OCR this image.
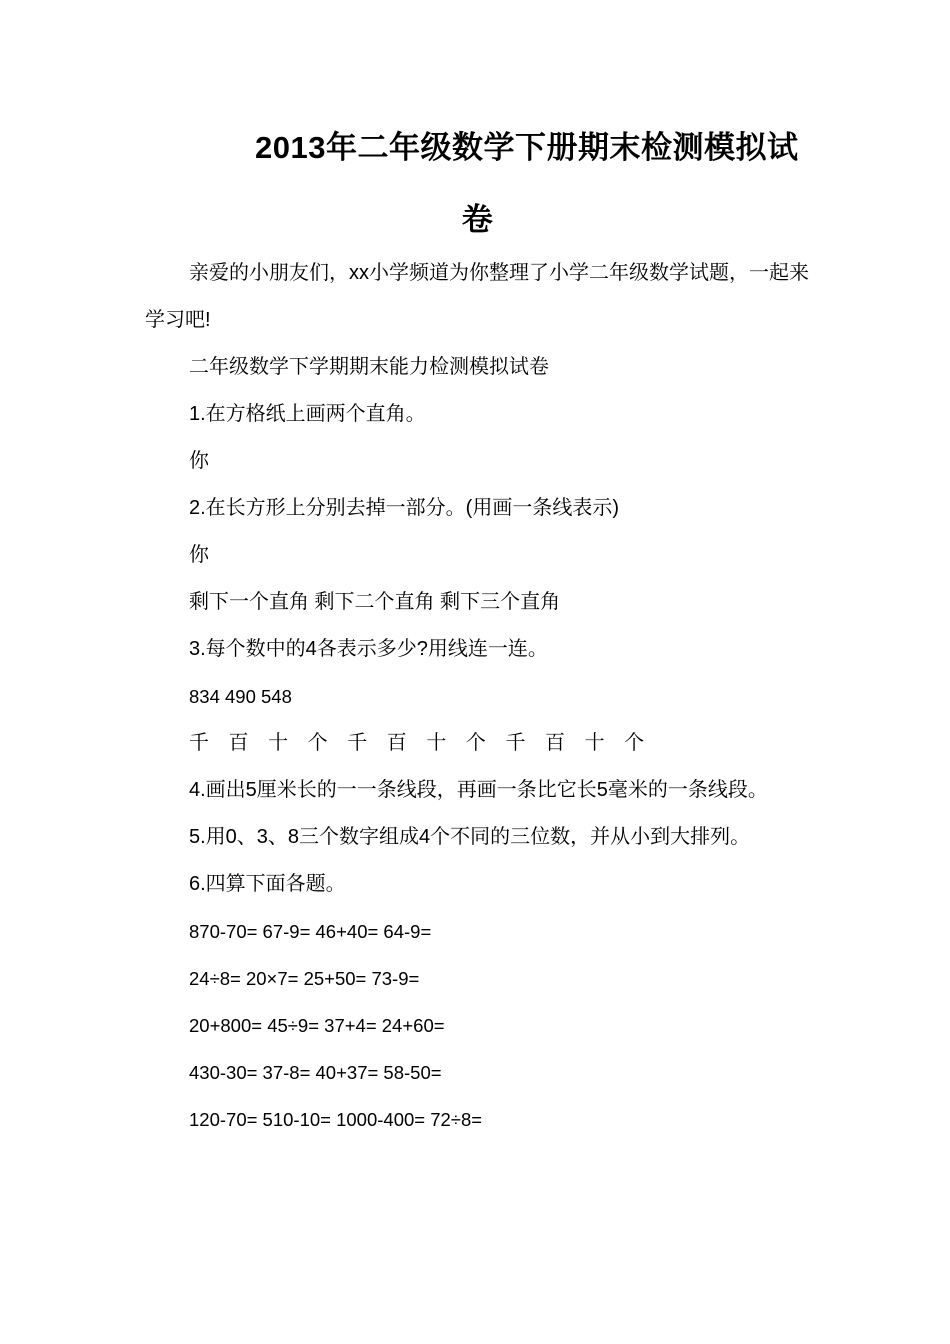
2013年二年级数学下册期末检测模拟试
卷

亲爱的小朋友们，xx小学频道为你整理了小学二年级数学试题，一起来学习吧!

二年级数学下学期期末能力检测模拟试卷

1.在方格纸上画两个直角。

你

2.在长方形上分别去掉一部分。(用画一条线表示)

你

剩下一个直角 剩下二个直角 剩下三个直角

3.每个数中的4各表示多少?用线连一连。

834 490 548

千 百 十 个 千 百 十 个 千 百 十 个

4.画出5厘米长的一一条线段，再画一条比它长5毫米的一条线段。

5.用0、3、8三个数字组成4个不同的三位数，并从小到大排列。

6.四算下面各题。

870-70= 67-9= 46+40= 64-9=

24÷8= 20×7= 25+50= 73-9=

20+800= 45÷9= 37+4= 24+60=

430-30= 37-8= 40+37= 58-50=

120-70= 510-10= 1000-400= 72÷8=
